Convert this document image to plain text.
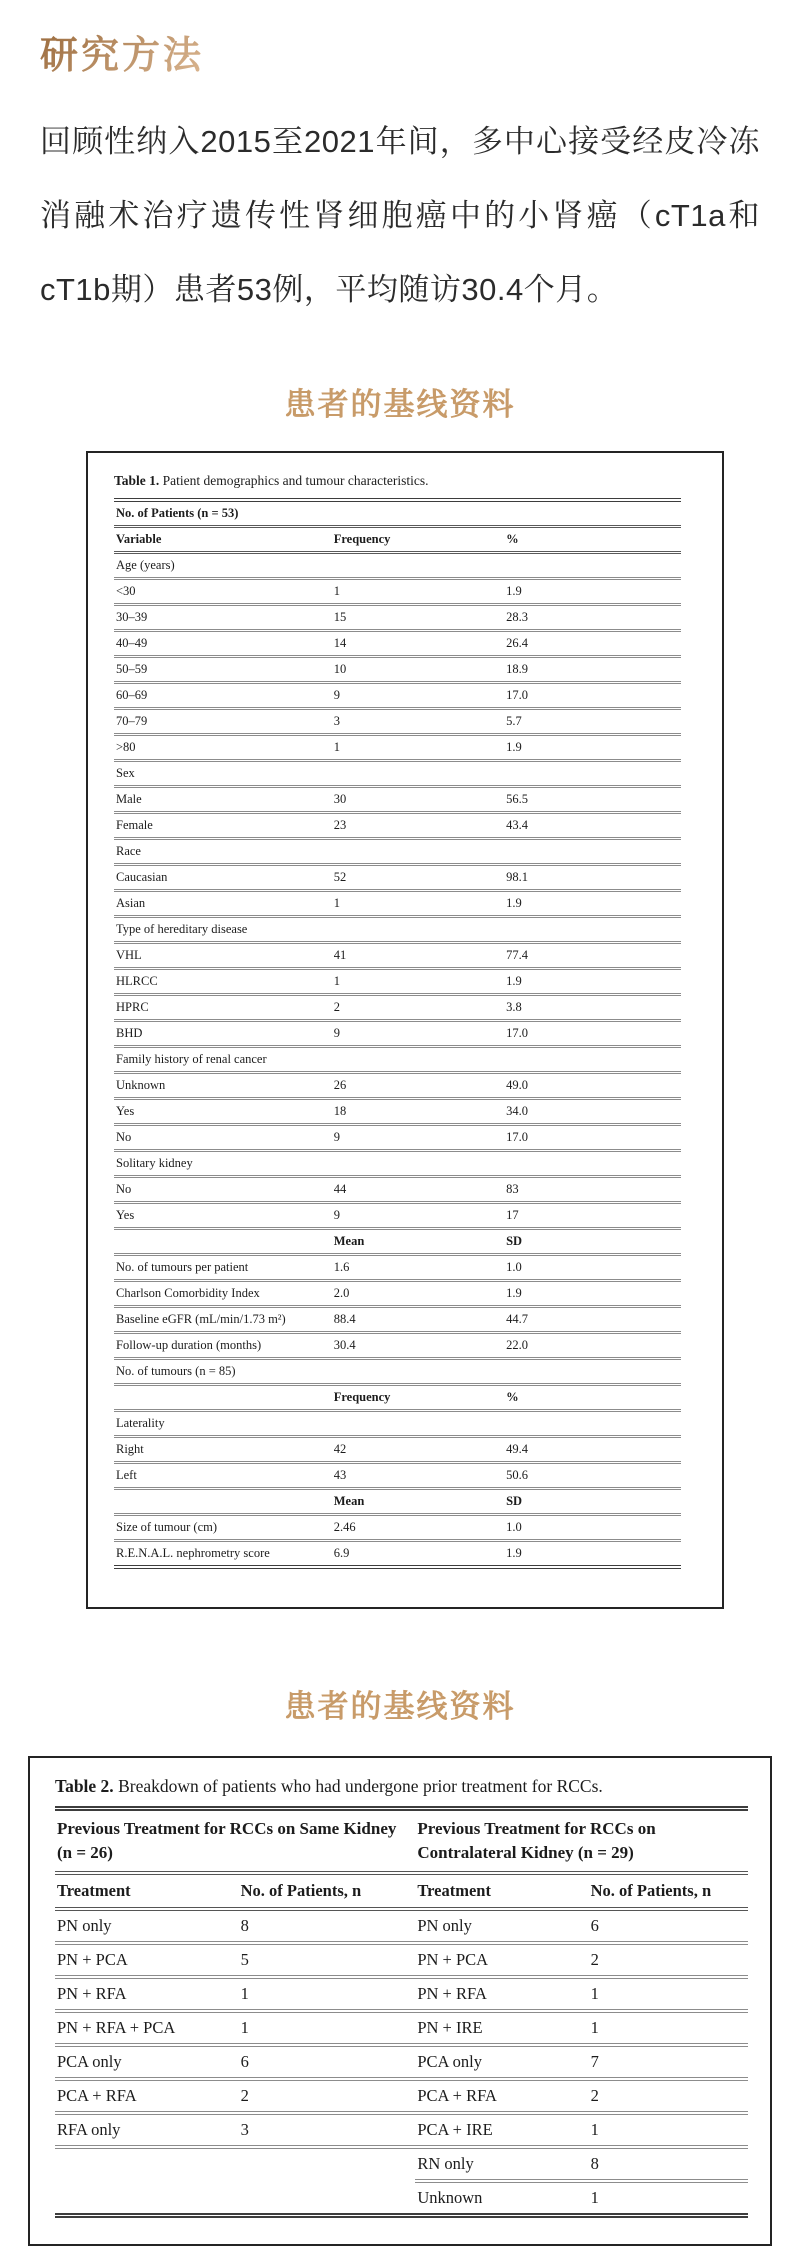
研究方法

回顾性纳入2015至2021年间，多中心接受经皮冷冻消融术治疗遗传性肾细胞癌中的小肾癌（cT1a和cT1b期）患者53例，平均随访30.4个月。

患者的基线资料

Table 1. Patient demographics and tumour characteristics.

No. of Patients (n = 53)		
Variable	Frequency	%
Age (years)		
<30	1	1.9
30–39	15	28.3
40–49	14	26.4
50–59	10	18.9
60–69	9	17.0
70–79	3	5.7
>80	1	1.9
Sex		
Male	30	56.5
Female	23	43.4
Race		
Caucasian	52	98.1
Asian	1	1.9
Type of hereditary disease		
VHL	41	77.4
HLRCC	1	1.9
HPRC	2	3.8
BHD	9	17.0
Family history of renal cancer		
Unknown	26	49.0
Yes	18	34.0
No	9	17.0
Solitary kidney		
No	44	83
Yes	9	17
	Mean	SD
No. of tumours per patient	1.6	1.0
Charlson Comorbidity Index	2.0	1.9
Baseline eGFR (mL/min/1.73 m²)	88.4	44.7
Follow-up duration (months)	30.4	22.0
No. of tumours (n = 85)		
	Frequency	%
Laterality		
Right	42	49.4
Left	43	50.6
	Mean	SD
Size of tumour (cm)	2.46	1.0
R.E.N.A.L. nephrometry score	6.9	1.9
患者的基线资料

Table 2. Breakdown of patients who had undergone prior treatment for RCCs.

Previous Treatment for RCCs on Same Kidney (n = 26)		Previous Treatment for RCCs on Contralateral Kidney (n = 29)	
Treatment	No. of Patients, n	Treatment	No. of Patients, n
PN only	8	PN only	6
PN + PCA	5	PN + PCA	2
PN + RFA	1	PN + RFA	1
PN + RFA + PCA	1	PN + IRE	1
PCA only	6	PCA only	7
PCA + RFA	2	PCA + RFA	2
RFA only	3	PCA + IRE	1
		RN only	8
		Unknown	1
